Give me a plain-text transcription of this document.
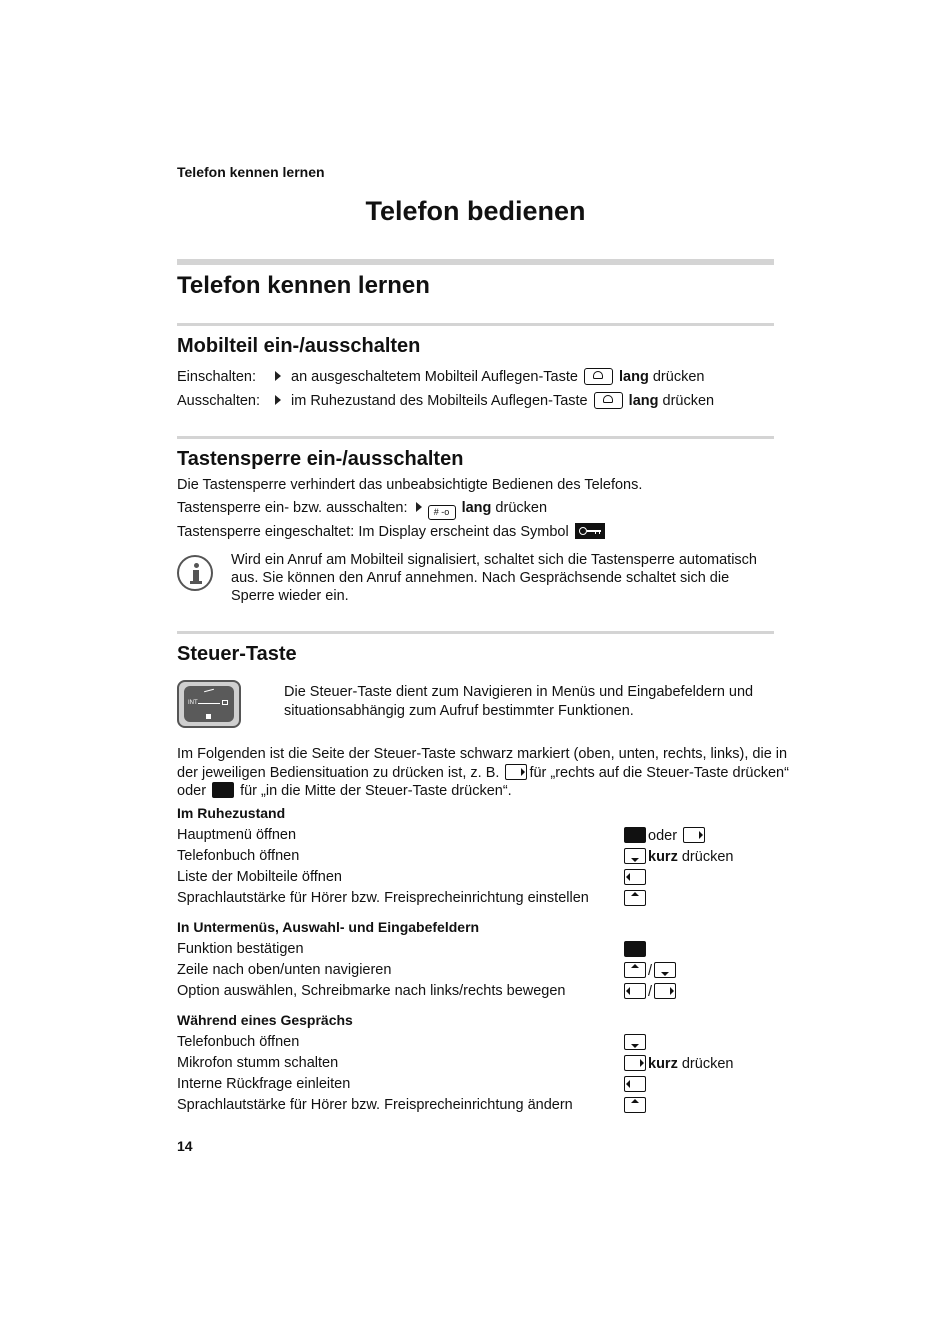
Telefon kennen lernen
Telefon bedienen
Telefon kennen lernen
Mobilteil ein-/ausschalten
Einschalten: an ausgeschaltetem Mobilteil Auflegen-Taste	lang drücken
Ausschalten: im Ruhezustand des Mobilteils Auflegen-Taste	lang drücken
Tastensperre ein-/ausschalten
Die Tastensperre verhindert das unbeabsichtigte Bedienen des Telefons.
Tastensperre ein- bzw. ausschalten:	# -o lang drücken
Tastensperre eingeschaltet: Im Display erscheint das Symbol
Wird ein Anruf am Mobilteil signalisiert, schaltet sich die Tastensperre automatisch aus. Sie können den Anruf annehmen. Nach Gesprächsende schaltet sich die Sperre wieder ein.
Steuer-Taste
INT
Die Steuer-Taste dient zum Navigieren in Menüs und Eingabefeldern und situationsabhängig zum Aufruf bestimmter Funktionen.
Im Folgenden ist die Seite der Steuer-Taste schwarz markiert (oben, unten, rechts, links), die in
der jeweiligen Bediensituation zu drücken ist, z. B. für „rechts auf die Steuer-Taste drücken“
oder für „in die Mitte der Steuer-Taste drücken“.
Im Ruhezustand
Hauptmenü öffnen	oder
Telefonbuch öffnen	kurz drücken
Liste der Mobilteile öffnen
Sprachlautstärke für Hörer bzw. Freisprecheinrichtung einstellen
In Untermenüs, Auswahl- und Eingabefeldern
Funktion bestätigen
Zeile nach oben/unten navigieren	/
Option auswählen, Schreibmarke nach links/rechts bewegen	/
Während eines Gesprächs
Telefonbuch öffnen
Mikrofon stumm schalten	kurz drücken
Interne Rückfrage einleiten
Sprachlautstärke für Hörer bzw. Freisprecheinrichtung ändern
14
